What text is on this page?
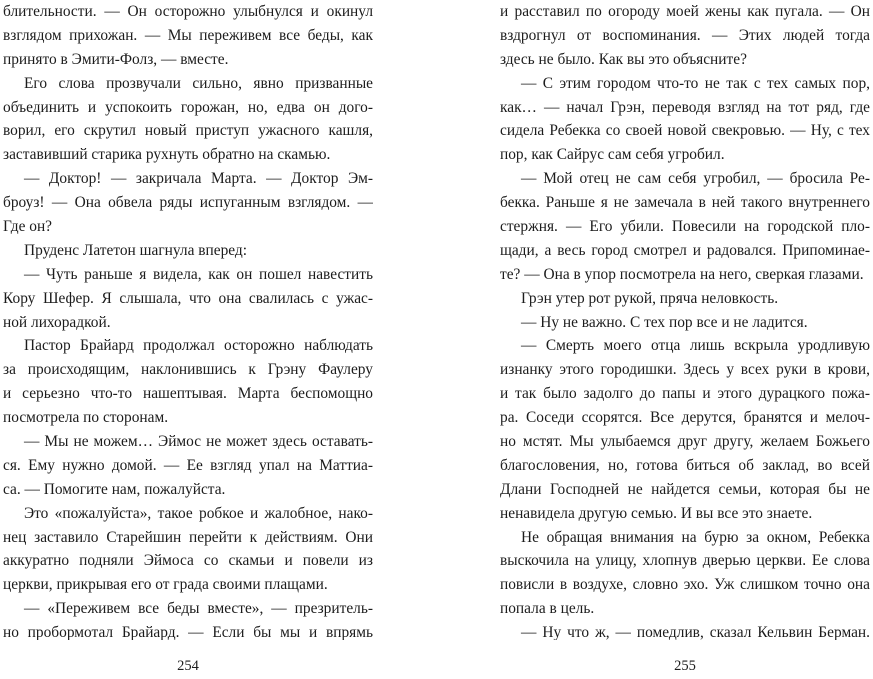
блительности. — Он осторожно улыбнулся и окинул
взглядом прихожан. — Мы переживем все беды, как
принято в Эмити-Фолз, — вместе.
Его слова прозвучали сильно, явно призванные
объединить и успокоить горожан, но, едва он дого-
ворил, его скрутил новый приступ ужасного кашля,
заставивший старика рухнуть обратно на скамью.
— Доктор! — закричала Марта. — Доктор Эм-
броуз! — Она обвела ряды испуганным взглядом. —
Где он?
Пруденс Латетон шагнула вперед:
— Чуть раньше я видела, как он пошел навестить
Кору Шефер. Я слышала, что она свалилась с ужас-
ной лихорадкой.
Пастор Брайард продолжал осторожно наблюдать
за происходящим, наклонившись к Грэну Фаулеру
и серьезно что-то нашептывая. Марта беспомощно
посмотрела по сторонам.
— Мы не можем… Эймос не может здесь оставать-
ся. Ему нужно домой. — Ее взгляд упал на Маттиа-
са. — Помогите нам, пожалуйста.
Это «пожалуйста», такое робкое и жалобное, нако-
нец заставило Старейшин перейти к действиям. Они
аккуратно подняли Эймоса со скамьи и повели из
церкви, прикрывая его от града своими плащами.
— «Переживем все беды вместе», — презритель-
но пробормотал Брайард. — Если бы мы и впрямь
254
и расставил по огороду моей жены как пугала. — Он
вздрогнул от воспоминания. — Этих людей тогда
здесь не было. Как вы это объясните?
— С этим городом что-то не так с тех самых пор,
как… — начал Грэн, переводя взгляд на тот ряд, где
сидела Ребекка со своей новой свекровью. — Ну, с тех
пор, как Сайрус сам себя угробил.
— Мой отец не сам себя угробил, — бросила Ре-
бекка. Раньше я не замечала в ней такого внутреннего
стержня. — Его убили. Повесили на городской пло-
щади, а весь город смотрел и радовался. Припоминае-
те? — Она в упор посмотрела на него, сверкая глазами.
Грэн утер рот рукой, пряча неловкость.
— Ну не важно. С тех пор все и не ладится.
— Смерть моего отца лишь вскрыла уродливую
изнанку этого городишки. Здесь у всех руки в крови,
и так было задолго до папы и этого дурацкого пожа-
ра. Соседи ссорятся. Все дерутся, бранятся и мелоч-
но мстят. Мы улыбаемся друг другу, желаем Божьего
благословения, но, готова биться об заклад, во всей
Длани Господней не найдется семьи, которая бы не
ненавидела другую семью. И вы все это знаете.
Не обращая внимания на бурю за окном, Ребекка
выскочила на улицу, хлопнув дверью церкви. Ее слова
повисли в воздухе, словно эхо. Уж слишком точно она
попала в цель.
— Ну что ж, — помедлив, сказал Кельвин Берман.
255
